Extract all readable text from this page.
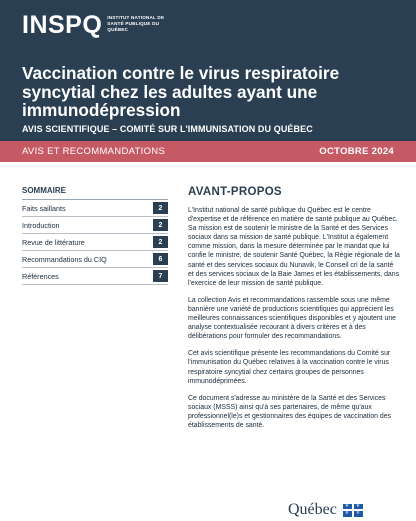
INSPQ INSTITUT NATIONAL DE SANTÉ PUBLIQUE DU QUÉBEC
Vaccination contre le virus respiratoire syncytial chez les adultes ayant une immunodépression
AVIS SCIENTIFIQUE – COMITÉ SUR L'IMMUNISATION DU QUÉBEC
AVIS ET RECOMMANDATIONS	OCTOBRE 2024
SOMMAIRE
Faits saillants	2
Introduction	2
Revue de littérature	2
Recommandations du CIQ	6
Références	7
AVANT-PROPOS

L'Institut national de santé publique du Québec est le centre d'expertise et de référence en matière de santé publique au Québec. Sa mission est de soutenir le ministre de la Santé et des Services sociaux dans sa mission de santé publique. L'Institut a également comme mission, dans la mesure déterminée par le mandat que lui confie le ministre, de soutenir Santé Québec, la Régie régionale de la santé et des services sociaux du Nunavik, le Conseil cri de la santé et des services sociaux de la Baie James et les établissements, dans l'exercice de leur mission de santé publique.

La collection Avis et recommandations rassemble sous une même bannière une variété de productions scientifiques qui apprécient les meilleures connaissances scientifiques disponibles et y ajoutent une analyse contextualisée recourant à divers critères et à des délibérations pour formuler des recommandations.

Cet avis scientifique présente les recommandations du Comité sur l'immunisation du Québec relatives à la vaccination contre le virus respiratoire syncytial chez certains groupes de personnes immunodéprimées.

Ce document s'adresse au ministère de la Santé et des Services sociaux (MSSS) ainsi qu'à ses partenaires, de même qu'aux professionnel(le)s et gestionnaires des équipes de vaccination des établissements de santé.

Québec ⚜ ⚜
⚜ ⚜
